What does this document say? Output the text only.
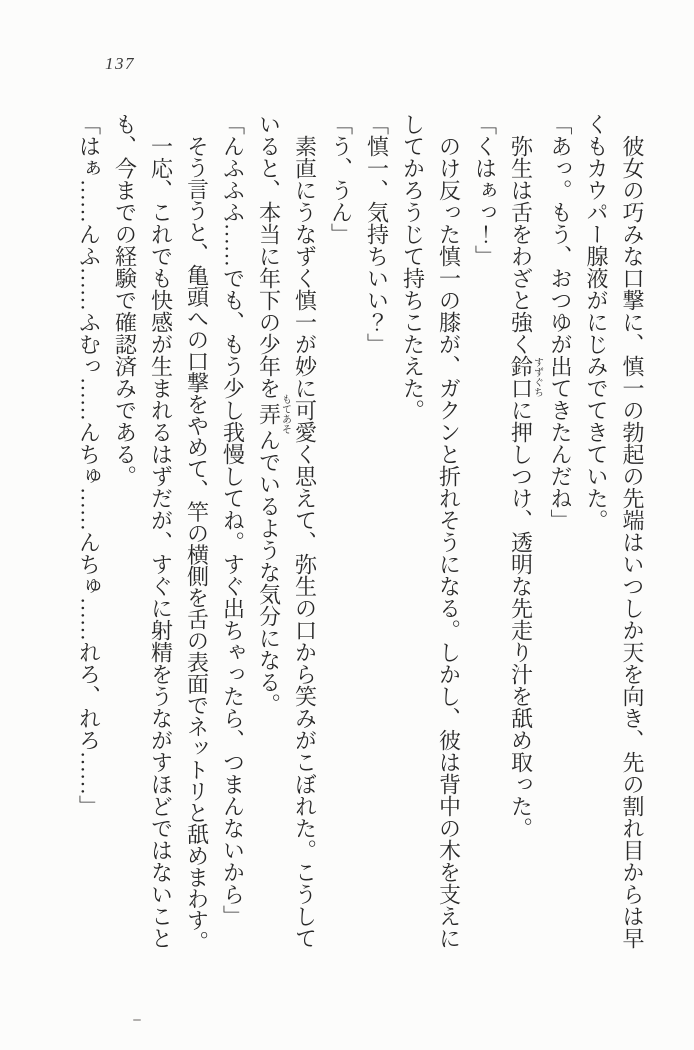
137

彼女の巧みな口撃に、慎一の勃起の先端はいつしか天を向き、先の割れ目からは早くもカウパー腺液がにじみでてきていた。

「あっ。もう、おつゆが出てきたんだね」

弥生は舌をわざと強く鈴口すずぐちに押しつけ、透明な先走り汁を舐め取った。

「くはぁっ！」

のけ反った慎一の膝が、ガクンと折れそうになる。しかし、彼は背中の木を支えにしてかろうじて持ちこたえた。

「慎一、気持ちいい？」

「う、うん」

素直にうなずく慎一が妙に可愛く思えて、弥生の口から笑みがこぼれた。こうしていると、本当に年下の少年を弄もてあそんでいるような気分になる。

「んふふふ……でも、もう少し我慢してね。すぐ出ちゃったら、つまんないから」

そう言うと、亀頭への口撃をやめて、竿の横側を舌の表面でネットリと舐めまわす。

一応、これでも快感が生まれるはずだが、すぐに射精をうながすほどではないことも、今までの経験で確認済みである。

「はぁ……んふ……ふむっ……んちゅ……んちゅ……れろ、れろ……」
